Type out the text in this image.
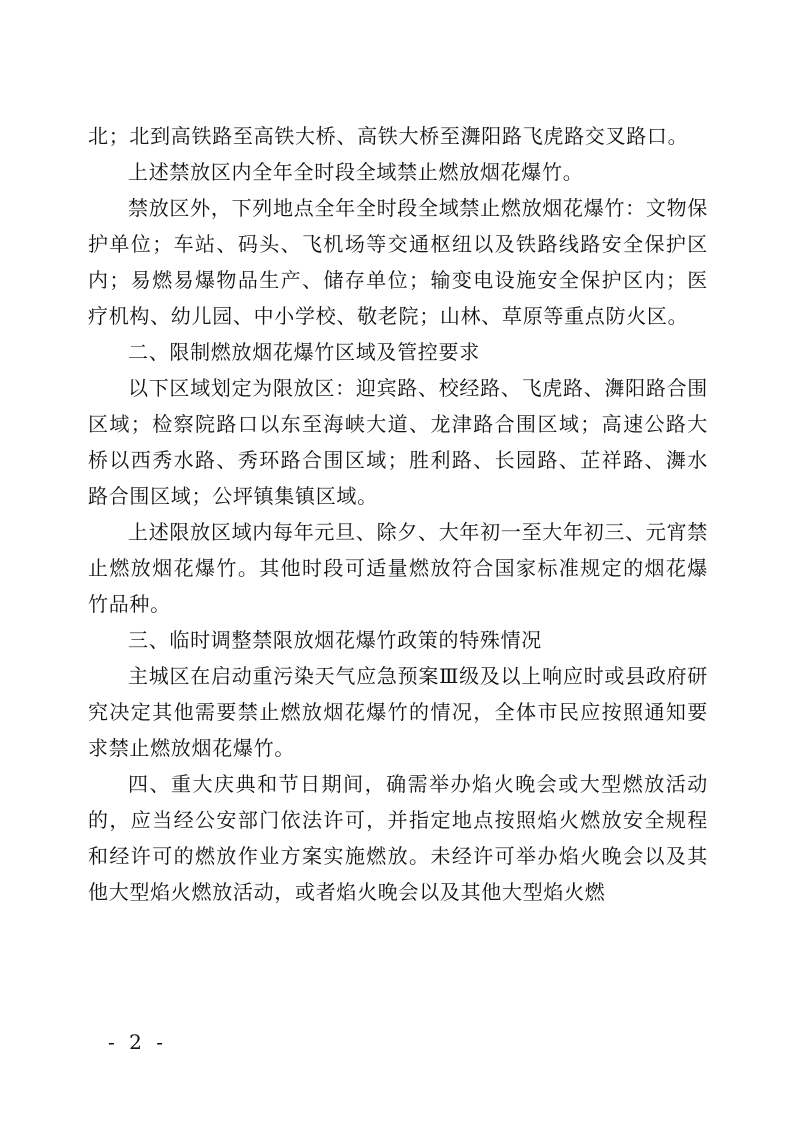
北；北到高铁路至高铁大桥、高铁大桥至㵲阳路飞虎路交叉路口。

上述禁放区内全年全时段全域禁止燃放烟花爆竹。

禁放区外，下列地点全年全时段全域禁止燃放烟花爆竹：文物保护单位；车站、码头、飞机场等交通枢纽以及铁路线路安全保护区内；易燃易爆物品生产、储存单位；输变电设施安全保护区内；医疗机构、幼儿园、中小学校、敬老院；山林、草原等重点防火区。

二、限制燃放烟花爆竹区域及管控要求

以下区域划定为限放区：迎宾路、校经路、飞虎路、㵲阳路合围区域；检察院路口以东至海峡大道、龙津路合围区域；高速公路大桥以西秀水路、秀环路合围区域；胜利路、长园路、芷祥路、㵲水路合围区域；公坪镇集镇区域。

上述限放区域内每年元旦、除夕、大年初一至大年初三、元宵禁止燃放烟花爆竹。其他时段可适量燃放符合国家标准规定的烟花爆竹品种。

三、临时调整禁限放烟花爆竹政策的特殊情况

主城区在启动重污染天气应急预案Ⅲ级及以上响应时或县政府研究决定其他需要禁止燃放烟花爆竹的情况，全体市民应按照通知要求禁止燃放烟花爆竹。

四、重大庆典和节日期间，确需举办焰火晚会或大型燃放活动的，应当经公安部门依法许可，并指定地点按照焰火燃放安全规程和经许可的燃放作业方案实施燃放。未经许可举办焰火晚会以及其他大型焰火燃放活动，或者焰火晚会以及其他大型焰火燃

- 2 -
